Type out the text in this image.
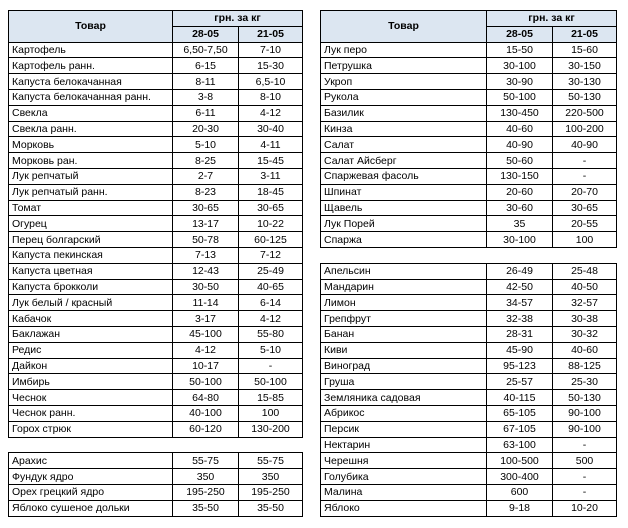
Товар	грн. за кг	
	28-05	21-05
Картофель	6,50-7,50	7-10
Картофель ранн.	6-15	15-30
Капуста белокачанная	8-11	6,5-10
Капуста белокачанная ранн.	3-8	8-10
Свекла	6-11	4-12
Свекла ранн.	20-30	30-40
Морковь	5-10	4-11
Морковь ран.	8-25	15-45
Лук репчатый	2-7	3-11
Лук репчатый ранн.	8-23	18-45
Томат	30-65	30-65
Огурец	13-17	10-22
Перец болгарский	50-78	60-125
Капуста пекинская	7-13	7-12
Капуста цветная	12-43	25-49
Капуста брокколи	30-50	40-65
Лук белый / красный	11-14	6-14
Кабачок	3-17	4-12
Баклажан	45-100	55-80
Редис	4-12	5-10
Дайкон	10-17	-
Имбирь	50-100	50-100
Чеснок	64-80	15-85
Чеснок ранн.	40-100	100
Горох стрюк	60-120	130-200

Арахис	55-75	55-75
Фундук ядро	350	350
Орех грецкий ядро	195-250	195-250
Яблоко сушеное дольки	35-50	35-50
Товар	грн. за кг	
	28-05	21-05
Лук перо	15-50	15-60
Петрушка	30-100	30-150
Укроп	30-90	30-130
Рукола	50-100	50-130
Базилик	130-450	220-500
Кинза	40-60	100-200
Салат	40-90	40-90
Салат Айсберг	50-60	-
Спаржевая фасоль	130-150	-
Шпинат	20-60	20-70
Щавель	30-60	30-65
Лук Порей	35	20-55
Спаржа	30-100	100

Апельсин	26-49	25-48
Мандарин	42-50	40-50
Лимон	34-57	32-57
Грепфрут	32-38	30-38
Банан	28-31	30-32
Киви	45-90	40-60
Виноград	95-123	88-125
Груша	25-57	25-30
Земляника садовая	40-115	50-130
Абрикос	65-105	90-100
Персик	67-105	90-100
Нектарин	63-100	-
Черешня	100-500	500
Голубика	300-400	-
Малина	600	-
Яблоко	9-18	10-20
